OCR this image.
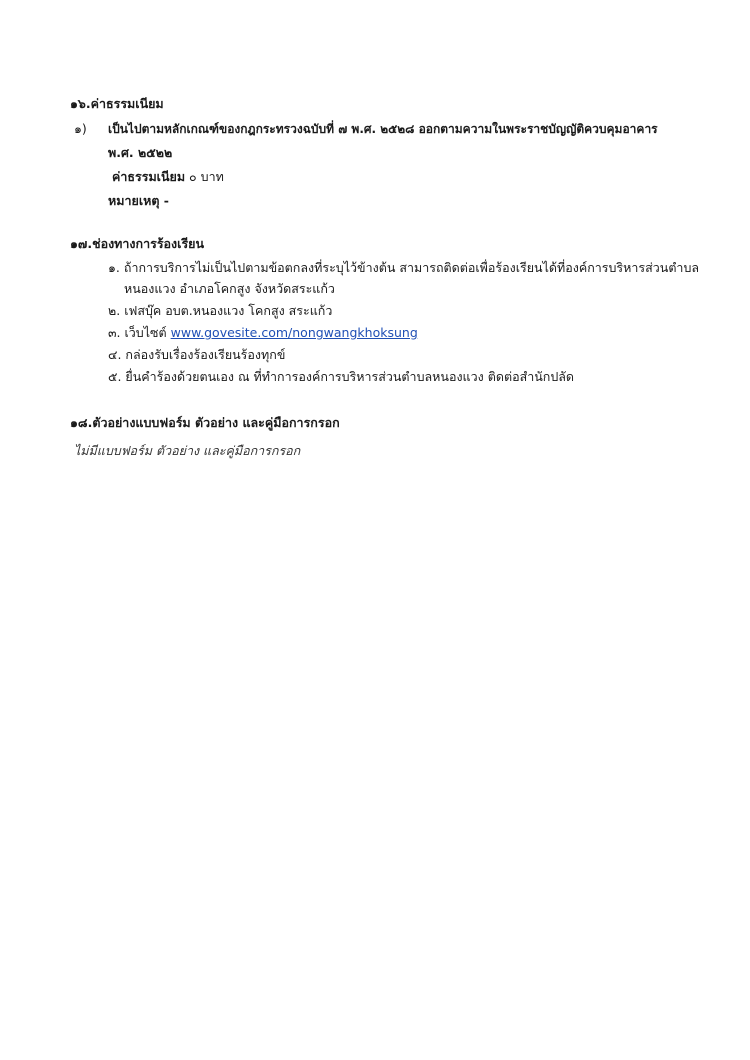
๑๖.ค่าธรรมเนียม
๑) เป็นไปตามหลักเกณฑ์ของกฎกระทรวงฉบับที่ ๗ พ.ศ. ๒๕๒๘ ออกตามความในพระราชบัญญัติควบคุมอาคาร
พ.ศ. ๒๕๒๒
ค่าธรรมเนียม ๐ บาท
หมายเหตุ -
๑๗.ช่องทางการร้องเรียน
๑. ถ้าการบริการไม่เป็นไปตามข้อตกลงที่ระบุไว้ข้างต้น สามารถติดต่อเพื่อร้องเรียนได้ที่องค์การบริหารส่วนตำบล
หนองแวง อำเภอโคกสูง จังหวัดสระแก้ว
๒. เฟสบุ๊ค อบต.หนองแวง โคกสูง สระแก้ว
๓. เว็บไซต์ www.govesite.com/nongwangkhoksung
๔. กล่องรับเรื่องร้องเรียนร้องทุกข์
๕. ยื่นคำร้องด้วยตนเอง ณ ที่ทำการองค์การบริหารส่วนตำบลหนองแวง ติดต่อสำนักปลัด
๑๘.ตัวอย่างแบบฟอร์ม ตัวอย่าง และคู่มือการกรอก
ไม่มีแบบฟอร์ม ตัวอย่าง และคู่มือการกรอก
